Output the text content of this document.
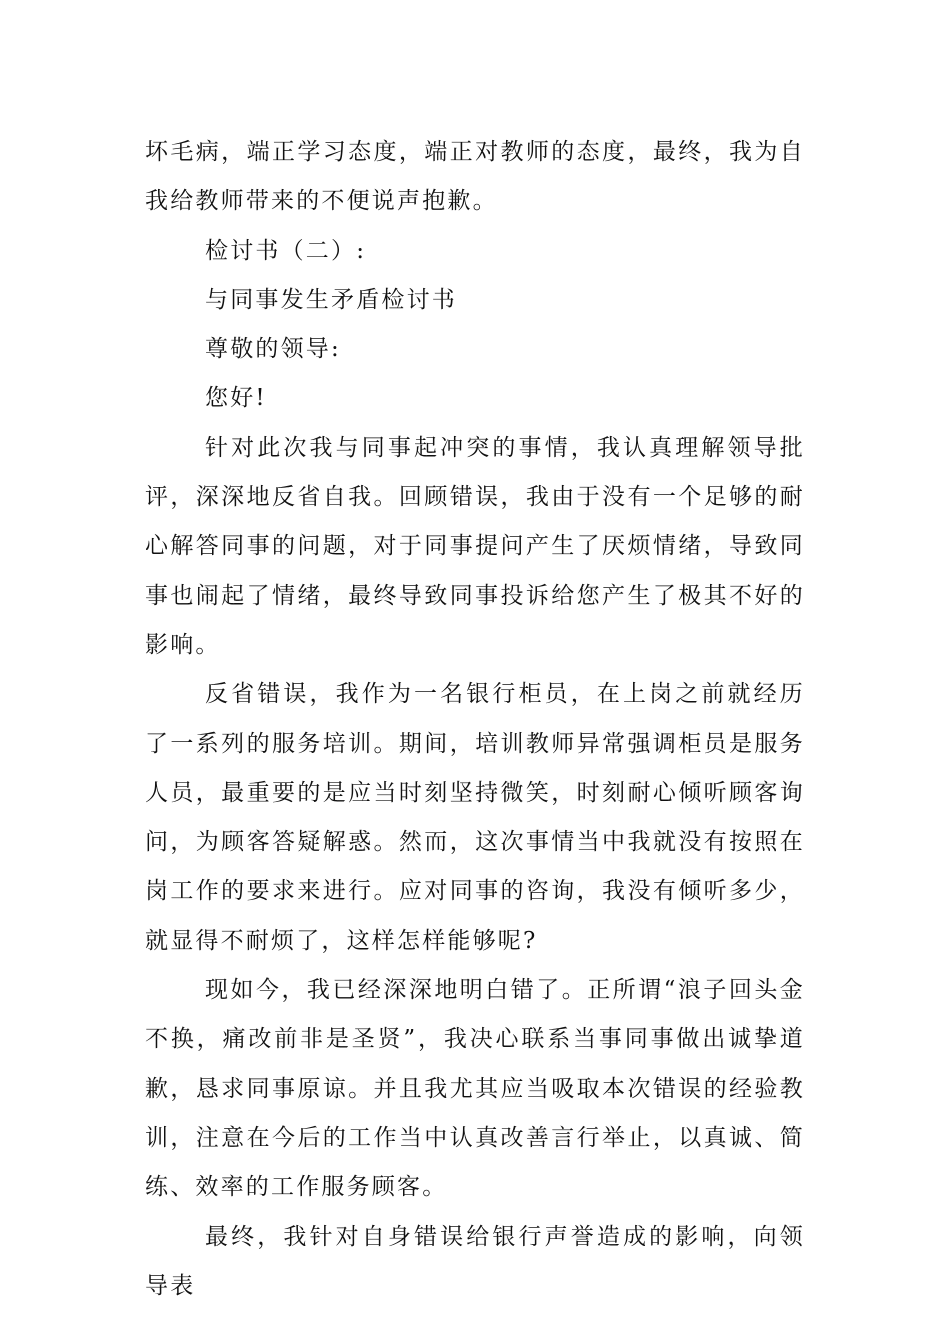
坏毛病，端正学习态度，端正对教师的态度，最终，我为自我给教师带来的不便说声抱歉。

检讨书（二）:

与同事发生矛盾检讨书

尊敬的领导:

您好!

针对此次我与同事起冲突的事情，我认真理解领导批评，深深地反省自我。回顾错误，我由于没有一个足够的耐心解答同事的问题，对于同事提问产生了厌烦情绪，导致同事也闹起了情绪，最终导致同事投诉给您产生了极其不好的影响。

反省错误，我作为一名银行柜员，在上岗之前就经历了一系列的服务培训。期间，培训教师异常强调柜员是服务人员，最重要的是应当时刻坚持微笑，时刻耐心倾听顾客询问，为顾客答疑解惑。然而，这次事情当中我就没有按照在岗工作的要求来进行。应对同事的咨询，我没有倾听多少，就显得不耐烦了，这样怎样能够呢?

现如今，我已经深深地明白错了。正所谓“浪子回头金不换，痛改前非是圣贤”，我决心联系当事同事做出诚挚道歉，恳求同事原谅。并且我尤其应当吸取本次错误的经验教训，注意在今后的工作当中认真改善言行举止，以真诚、简练、效率的工作服务顾客。

最终，我针对自身错误给银行声誉造成的影响，向领导表
